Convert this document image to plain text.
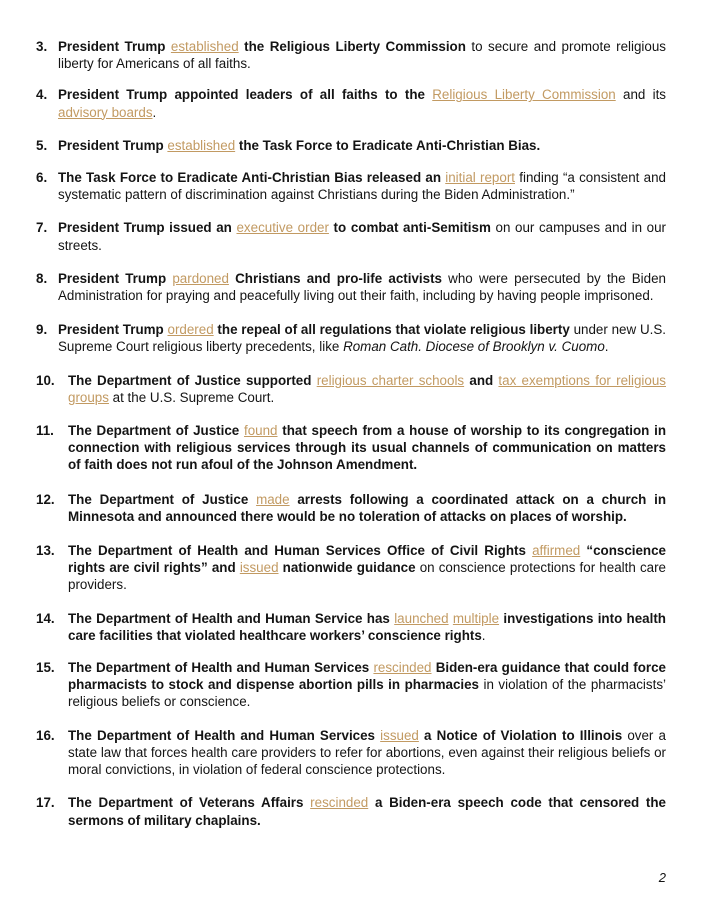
3. President Trump established the Religious Liberty Commission to secure and promote religious liberty for Americans of all faiths.
4. President Trump appointed leaders of all faiths to the Religious Liberty Commission and its advisory boards.
5. President Trump established the Task Force to Eradicate Anti-Christian Bias.
6. The Task Force to Eradicate Anti-Christian Bias released an initial report finding “a consistent and systematic pattern of discrimination against Christians during the Biden Administration.”
7. President Trump issued an executive order to combat anti-Semitism on our campuses and in our streets.
8. President Trump pardoned Christians and pro-life activists who were persecuted by the Biden Administration for praying and peacefully living out their faith, including by having people imprisoned.
9. President Trump ordered the repeal of all regulations that violate religious liberty under new U.S. Supreme Court religious liberty precedents, like Roman Cath. Diocese of Brooklyn v. Cuomo.
10. The Department of Justice supported religious charter schools and tax exemptions for religious groups at the U.S. Supreme Court.
11.	The Department of Justice found that speech from a house of worship to its congregation in connection with religious services through its usual channels of communication on matters of faith does not run afoul of the Johnson Amendment.
12. The Department of Justice made arrests following a coordinated attack on a church in Minnesota and announced there would be no toleration of attacks on places of worship.
13. The Department of Health and Human Services Office of Civil Rights affirmed “conscience rights are civil rights” and issued nationwide guidance on conscience protections for health care providers.
14. The Department of Health and Human Service has launched multiple investigations into health care facilities that violated healthcare workers’ conscience rights.
15. The Department of Health and Human Services rescinded Biden-era guidance that could force pharmacists to stock and dispense abortion pills in pharmacies in violation of the pharmacists’ religious beliefs or conscience.
16. The Department of Health and Human Services issued a Notice of Violation to Illinois over a state law that forces health care providers to refer for abortions, even against their religious beliefs or moral convictions, in violation of federal conscience protections.
17. The Department of Veterans Affairs rescinded a Biden-era speech code that censored the sermons of military chaplains.
2
